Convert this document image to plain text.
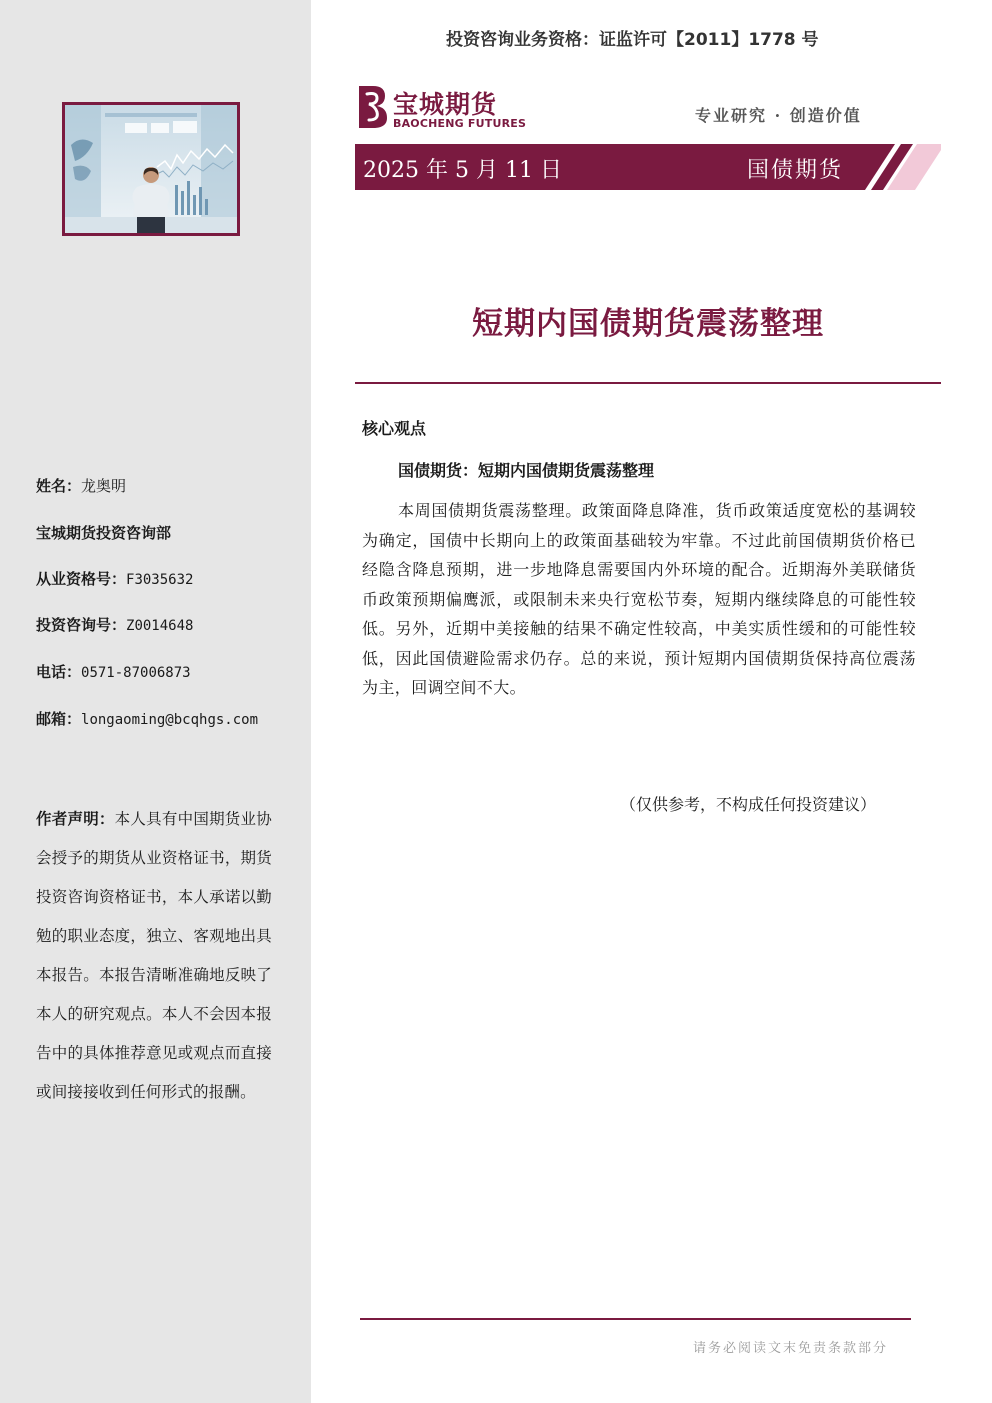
姓名：龙奥明
宝城期货投资咨询部
从业资格号：F3035632
投资咨询号：Z0014648
电话：0571-87006873
邮箱：longaoming@bcqhgs.com
作者声明：本人具有中国期货业协会授予的期货从业资格证书，期货投资咨询资格证书，本人承诺以勤勉的职业态度，独立、客观地出具本报告。本报告清晰准确地反映了本人的研究观点。本人不会因本报告中的具体推荐意见或观点而直接或间接接收到任何形式的报酬。
投资咨询业务资格：证监许可【2011】1778 号
宝城期货
BAOCHENG FUTURES	专业研究 · 创造价值
2025 年 5 月 11 日	国债期货
短期内国债期货震荡整理
核心观点
国债期货：短期内国债期货震荡整理
本周国债期货震荡整理。政策面降息降准，货币政策适度宽松的基调较为确定，国债中长期向上的政策面基础较为牢靠。不过此前国债期货价格已经隐含降息预期，进一步地降息需要国内外环境的配合。近期海外美联储货币政策预期偏鹰派，或限制未来央行宽松节奏，短期内继续降息的可能性较低。另外，近期中美接触的结果不确定性较高，中美实质性缓和的可能性较低，因此国债避险需求仍存。总的来说，预计短期内国债期货保持高位震荡为主，回调空间不大。
（仅供参考，不构成任何投资建议）
请务必阅读文末免责条款部分
